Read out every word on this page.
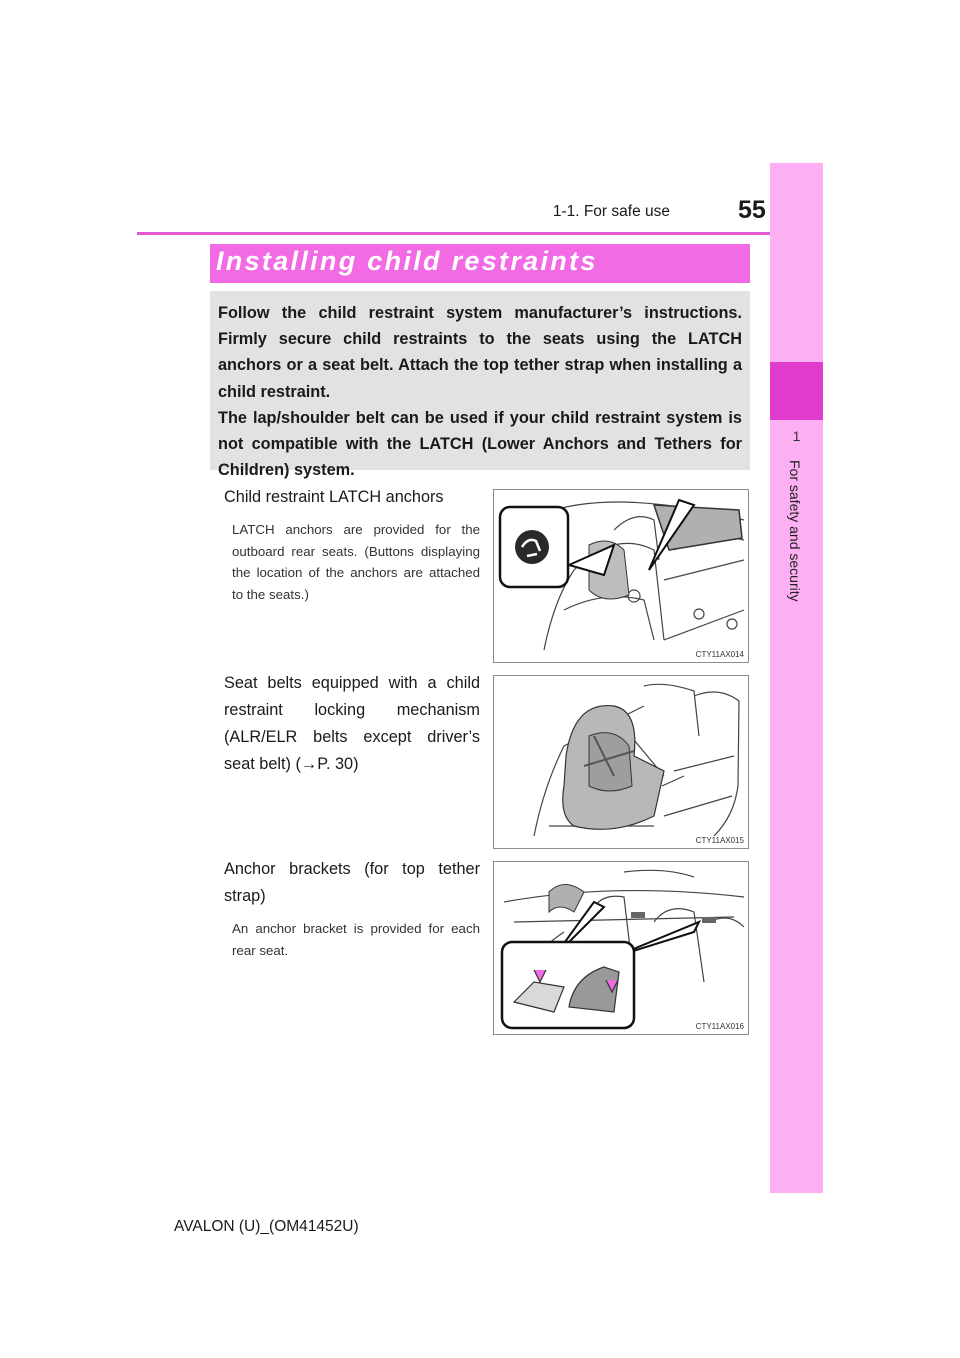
1-1. For safe use	55
1
For safety and security
Installing child restraints

Follow the child restraint system manufacturer’s instructions. Firmly secure child restraints to the seats using the LATCH anchors or a seat belt. Attach the top tether strap when installing a child restraint.

The lap/shoulder belt can be used if your child restraint system is not compatible with the LATCH (Lower Anchors and Tethers for Children) system.

Child restraint LATCH anchors

LATCH anchors are provided for the outboard rear seats. (Buttons displaying the location of the anchors are attached to the seats.)

CTY11AX014

Seat belts equipped with a child restraint locking mechanism (ALR/ELR belts except driver’s seat belt) (→P. 30)

CTY11AX015

Anchor brackets (for top tether strap)

An anchor bracket is provided for each rear seat.

CTY11AX016
AVALON (U)_(OM41452U)
